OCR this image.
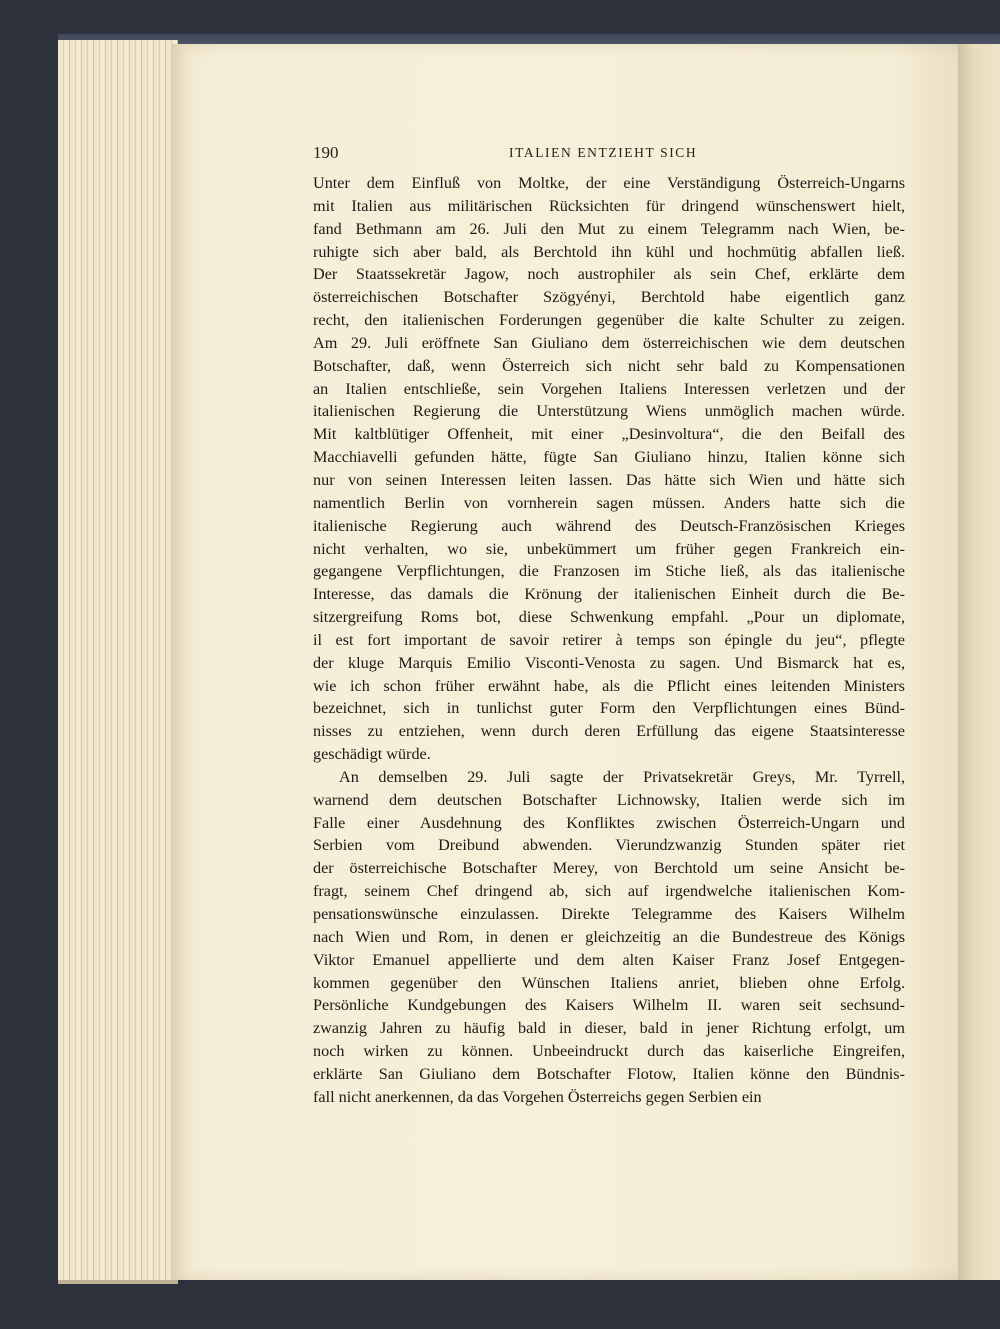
190	ITALIEN ENTZIEHT SICH
Unter dem Einfluß von Moltke, der eine Verständigung Österreich-Ungarns
mit Italien aus militärischen Rücksichten für dringend wünschenswert hielt,
fand Bethmann am 26. Juli den Mut zu einem Telegramm nach Wien, be-
ruhigte sich aber bald, als Berchtold ihn kühl und hochmütig abfallen ließ.
Der Staatssekretär Jagow, noch austrophiler als sein Chef, erklärte dem
österreichischen Botschafter Szögyényi, Berchtold habe eigentlich ganz
recht, den italienischen Forderungen gegenüber die kalte Schulter zu zeigen.
Am 29. Juli eröffnete San Giuliano dem österreichischen wie dem deutschen
Botschafter, daß, wenn Österreich sich nicht sehr bald zu Kompensationen
an Italien entschließe, sein Vorgehen Italiens Interessen verletzen und der
italienischen Regierung die Unterstützung Wiens unmöglich machen würde.
Mit kaltblütiger Offenheit, mit einer „Desinvoltura“, die den Beifall des
Macchiavelli gefunden hätte, fügte San Giuliano hinzu, Italien könne sich
nur von seinen Interessen leiten lassen. Das hätte sich Wien und hätte sich
namentlich Berlin von vornherein sagen müssen. Anders hatte sich die
italienische Regierung auch während des Deutsch-Französischen Krieges
nicht verhalten, wo sie, unbekümmert um früher gegen Frankreich ein-
gegangene Verpflichtungen, die Franzosen im Stiche ließ, als das italienische
Interesse, das damals die Krönung der italienischen Einheit durch die Be-
sitzergreifung Roms bot, diese Schwenkung empfahl. „Pour un diplomate,
il est fort important de savoir retirer à temps son épingle du jeu“, pflegte
der kluge Marquis Emilio Visconti-Venosta zu sagen. Und Bismarck hat es,
wie ich schon früher erwähnt habe, als die Pflicht eines leitenden Ministers
bezeichnet, sich in tunlichst guter Form den Verpflichtungen eines Bünd-
nisses zu entziehen, wenn durch deren Erfüllung das eigene Staatsinteresse
geschädigt würde.
An demselben 29. Juli sagte der Privatsekretär Greys, Mr. Tyrrell,
warnend dem deutschen Botschafter Lichnowsky, Italien werde sich im
Falle einer Ausdehnung des Konfliktes zwischen Österreich-Ungarn und
Serbien vom Dreibund abwenden. Vierundzwanzig Stunden später riet
der österreichische Botschafter Merey, von Berchtold um seine Ansicht be-
fragt, seinem Chef dringend ab, sich auf irgendwelche italienischen Kom-
pensationswünsche einzulassen. Direkte Telegramme des Kaisers Wilhelm
nach Wien und Rom, in denen er gleichzeitig an die Bundestreue des Königs
Viktor Emanuel appellierte und dem alten Kaiser Franz Josef Entgegen-
kommen gegenüber den Wünschen Italiens anriet, blieben ohne Erfolg.
Persönliche Kundgebungen des Kaisers Wilhelm II. waren seit sechsund-
zwanzig Jahren zu häufig bald in dieser, bald in jener Richtung erfolgt, um
noch wirken zu können. Unbeeindruckt durch das kaiserliche Eingreifen,
erklärte San Giuliano dem Botschafter Flotow, Italien könne den Bündnis-
fall nicht anerkennen, da das Vorgehen Österreichs gegen Serbien ein
